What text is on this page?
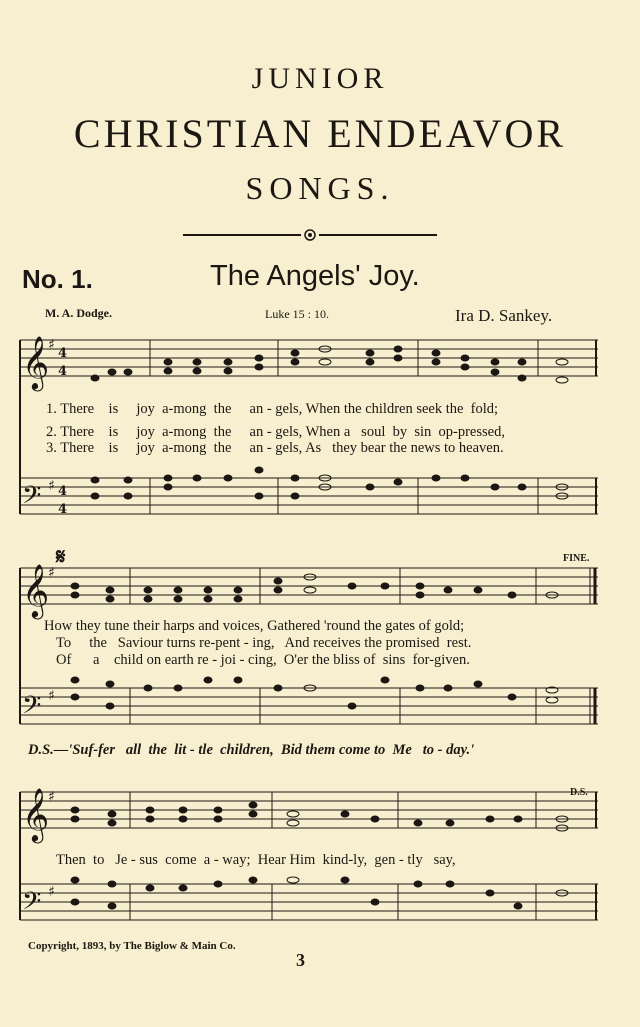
JUNIOR
CHRISTIAN ENDEAVOR
SONGS.
No. 1.	The Angels' Joy.
M. A. Dodge.	Luke 15 : 10.	Ira D. Sankey.
𝄞
𝄢
𝄞
𝄢
𝄞
𝄢
4
4
4
4
♯
♯
♯
♯
♯
♯
1. There    is     joy  a-mong  the     an - gels, When the children seek the  fold;
2. There    is     joy  a-mong  the     an - gels, When a   soul  by  sin  op-pressed,
3. There    is     joy  a-mong  the     an - gels, As   they bear the news to heaven.
𝄋	FINE.
How they tune their harps and voices, Gathered 'round the gates of gold;
To     the   Saviour turns re-pent - ing,   And receives the promised  rest.
Of      a    child on earth re - joi - cing,  O'er the bliss of  sins  for-given.
D.S.—'Suf-fer   all  the  lit - tle  children,  Bid them come to  Me   to - day.'
D.S.
Then  to   Je - sus  come  a - way;  Hear Him  kind-ly,  gen - tly   say,
Copyright, 1893, by The Biglow & Main Co.
3
